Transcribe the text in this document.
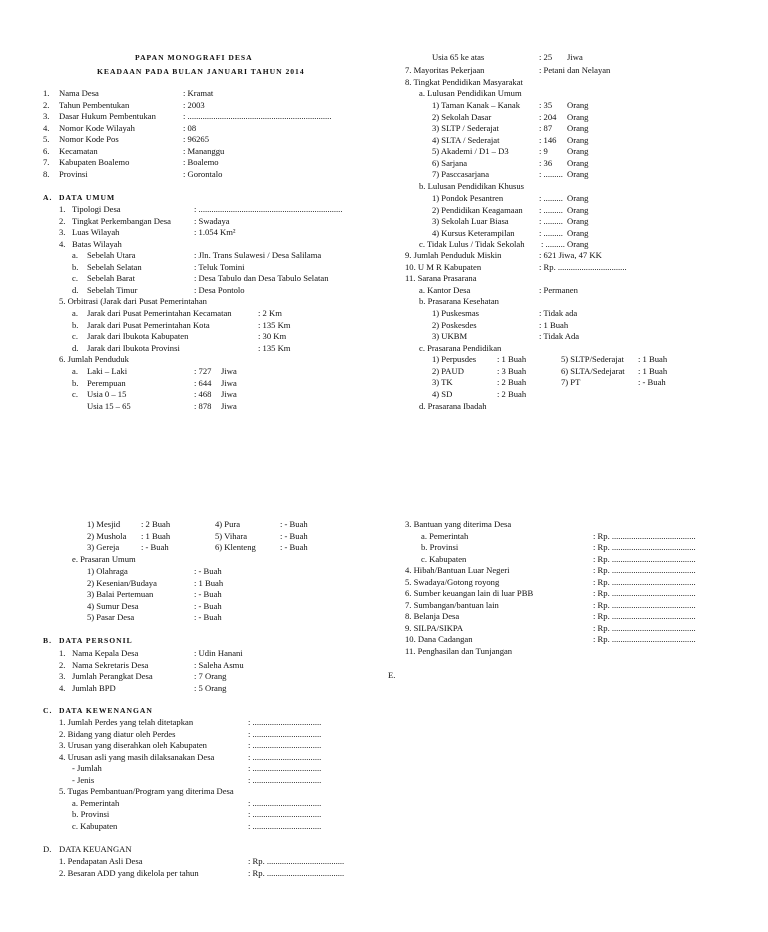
PAPAN MONOGRAFI DESA
KEADAAN PADA BULAN JANUARI TAHUN 2014
1. Nama Desa	: Kramat
2. Tahun Pembentukan	: 2003
3. Dasar Hukum Pembentukan	: ...................................................................
4. Nomor Kode Wilayah	: 08
5. Nomor Kode Pos	: 96265
6. Kecamatan	: Mananggu
7. Kabupaten Boalemo	: Boalemo
8. Provinsi	: Gorontalo
A. DATA UMUM
1. Tipologi Desa	: ...................................................................
2. Tingkat Perkembangan Desa	: Swadaya
3. Luas Wilayah	: 1.054 Km²
4. Batas Wilayah
a. Sebelah Utara	: Jln. Trans Sulawesi / Desa Salilama
b. Sebelah Selatan	: Teluk Tomini
c. Sebelah Barat	: Desa Tabulo dan Desa Tabulo Selatan
d. Sebelah Timur	: Desa Pontolo
5. Orbitrasi (Jarak dari Pusat Pemerintahan
a. Jarak dari Pusat Pemerintahan Kecamatan	: 2 Km
b. Jarak dari Pusat Pemerintahan Kota	: 135 Km
c. Jarak dari Ibukota Kabupaten	: 30 Km
d. Jarak dari Ibukota Provinsi	: 135 Km
6. Jumlah Penduduk
a. Laki – Laki	: 727 Jiwa
b. Perempuan	: 644 Jiwa
c. Usia 0 – 15	: 468 Jiwa
Usia 15 – 65	: 878 Jiwa
Usia 65 ke atas	: 25 Jiwa
7. Mayoritas Pekerjaan	: Petani dan Nelayan
8. Tingkat Pendidikan Masyarakat
a. Lulusan Pendidikan Umum
1) Taman Kanak – Kanak : 35 Orang
2) Sekolah Dasar	: 204 Orang
3) SLTP / Sederajat	: 87 Orang
4) SLTA / Sederajat	: 146 Orang
5) Akademi / D1 – D3	: 9 Orang
6) Sarjana	: 36 Orang
7) Pasccasarjana	: ......... Orang
b. Lulusan Pendidikan Khusus
1) Pondok Pesantren	: ......... Orang
2) Pendidikan Keagamaan : ......... Orang
3) Sekolah Luar Biasa	: ......... Orang
4) Kursus Keterampilan	: ......... Orang
c. Tidak Lulus / Tidak Sekolah : ......... Orang
9. Jumlah Penduduk Miskin	: 621 Jiwa, 47 KK
10. U M R Kabupaten	: Rp. ................................
11. Sarana Prasarana
a. Kantor Desa	: Permanen
b. Prasarana Kesehatan
1) Puskesmas	: Tidak ada
2) Poskesdes	: 1 Buah
3) UKBM	: Tidak Ada
c. Prasarana Pendidikan
1) Perpusdes : 1 Buah
2) PAUD	: 3 Buah
3) TK	: 2 Buah
4) SD	: 2 Buah
5) SLTP/Sederajat : 1 Buah
6) SLTA/Sedejarat : 1 Buah
7) PT	: - Buah
d. Prasarana Ibadah
1) Mesjid : 2 Buah
2) Mushola : 1 Buah
3) Gereja	: - Buah
4) Pura	: - Buah
5) Vihara	: - Buah
6) Klenteng	: - Buah
e. Prasaran Umum
1) Olahraga	: - Buah
2) Kesenian/Budaya	: 1 Buah
3) Balai Pertemuan	: - Buah
4) Sumur Desa	: - Buah
5) Pasar Desa	: - Buah
B. DATA PERSONIL
1. Nama Kepala Desa	: Udin Hanani
2. Nama Sekretaris Desa	: Saleha Asmu
3. Jumlah Perangkat Desa	: 7 Orang
4. Jumlah BPD	: 5 Orang
C. DATA KEWENANGAN
1. Jumlah Perdes yang telah ditetapkan	: ................................
2. Bidang yang diatur oleh Perdes	: ................................
3. Urusan yang diserahkan oleh Kabupaten	: ................................
4. Urusan asli yang masih dilaksanakan Desa	: ................................
- Jumlah	: ................................
- Jenis	: ................................
5. Tugas Pembantuan/Program yang diterima Desa
a. Pemerintah	: ................................
b. Provinsi	: ................................
c. Kabupaten	: ................................
D. DATA KEUANGAN
1. Pendapatan Asli Desa	: Rp. ....................................
2. Besaran ADD yang dikelola per tahun	: Rp. ....................................
3. Bantuan yang diterima Desa
a. Pemerintah	: Rp. .......................................
b. Provinsi	: Rp. .......................................
c. Kabupaten	: Rp. .......................................
4. Hibah/Bantuan Luar Negeri	: Rp. .......................................
5. Swadaya/Gotong royong	: Rp. .......................................
6. Sumber keuangan lain di luar PBB	: Rp. .......................................
7. Sumbangan/bantuan lain	: Rp. .......................................
8. Belanja Desa	: Rp. .......................................
9. SILPA/SIKPA	: Rp. .......................................
10. Dana Cadangan	: Rp. .......................................
11. Penghasilan dan Tunjangan
E.
